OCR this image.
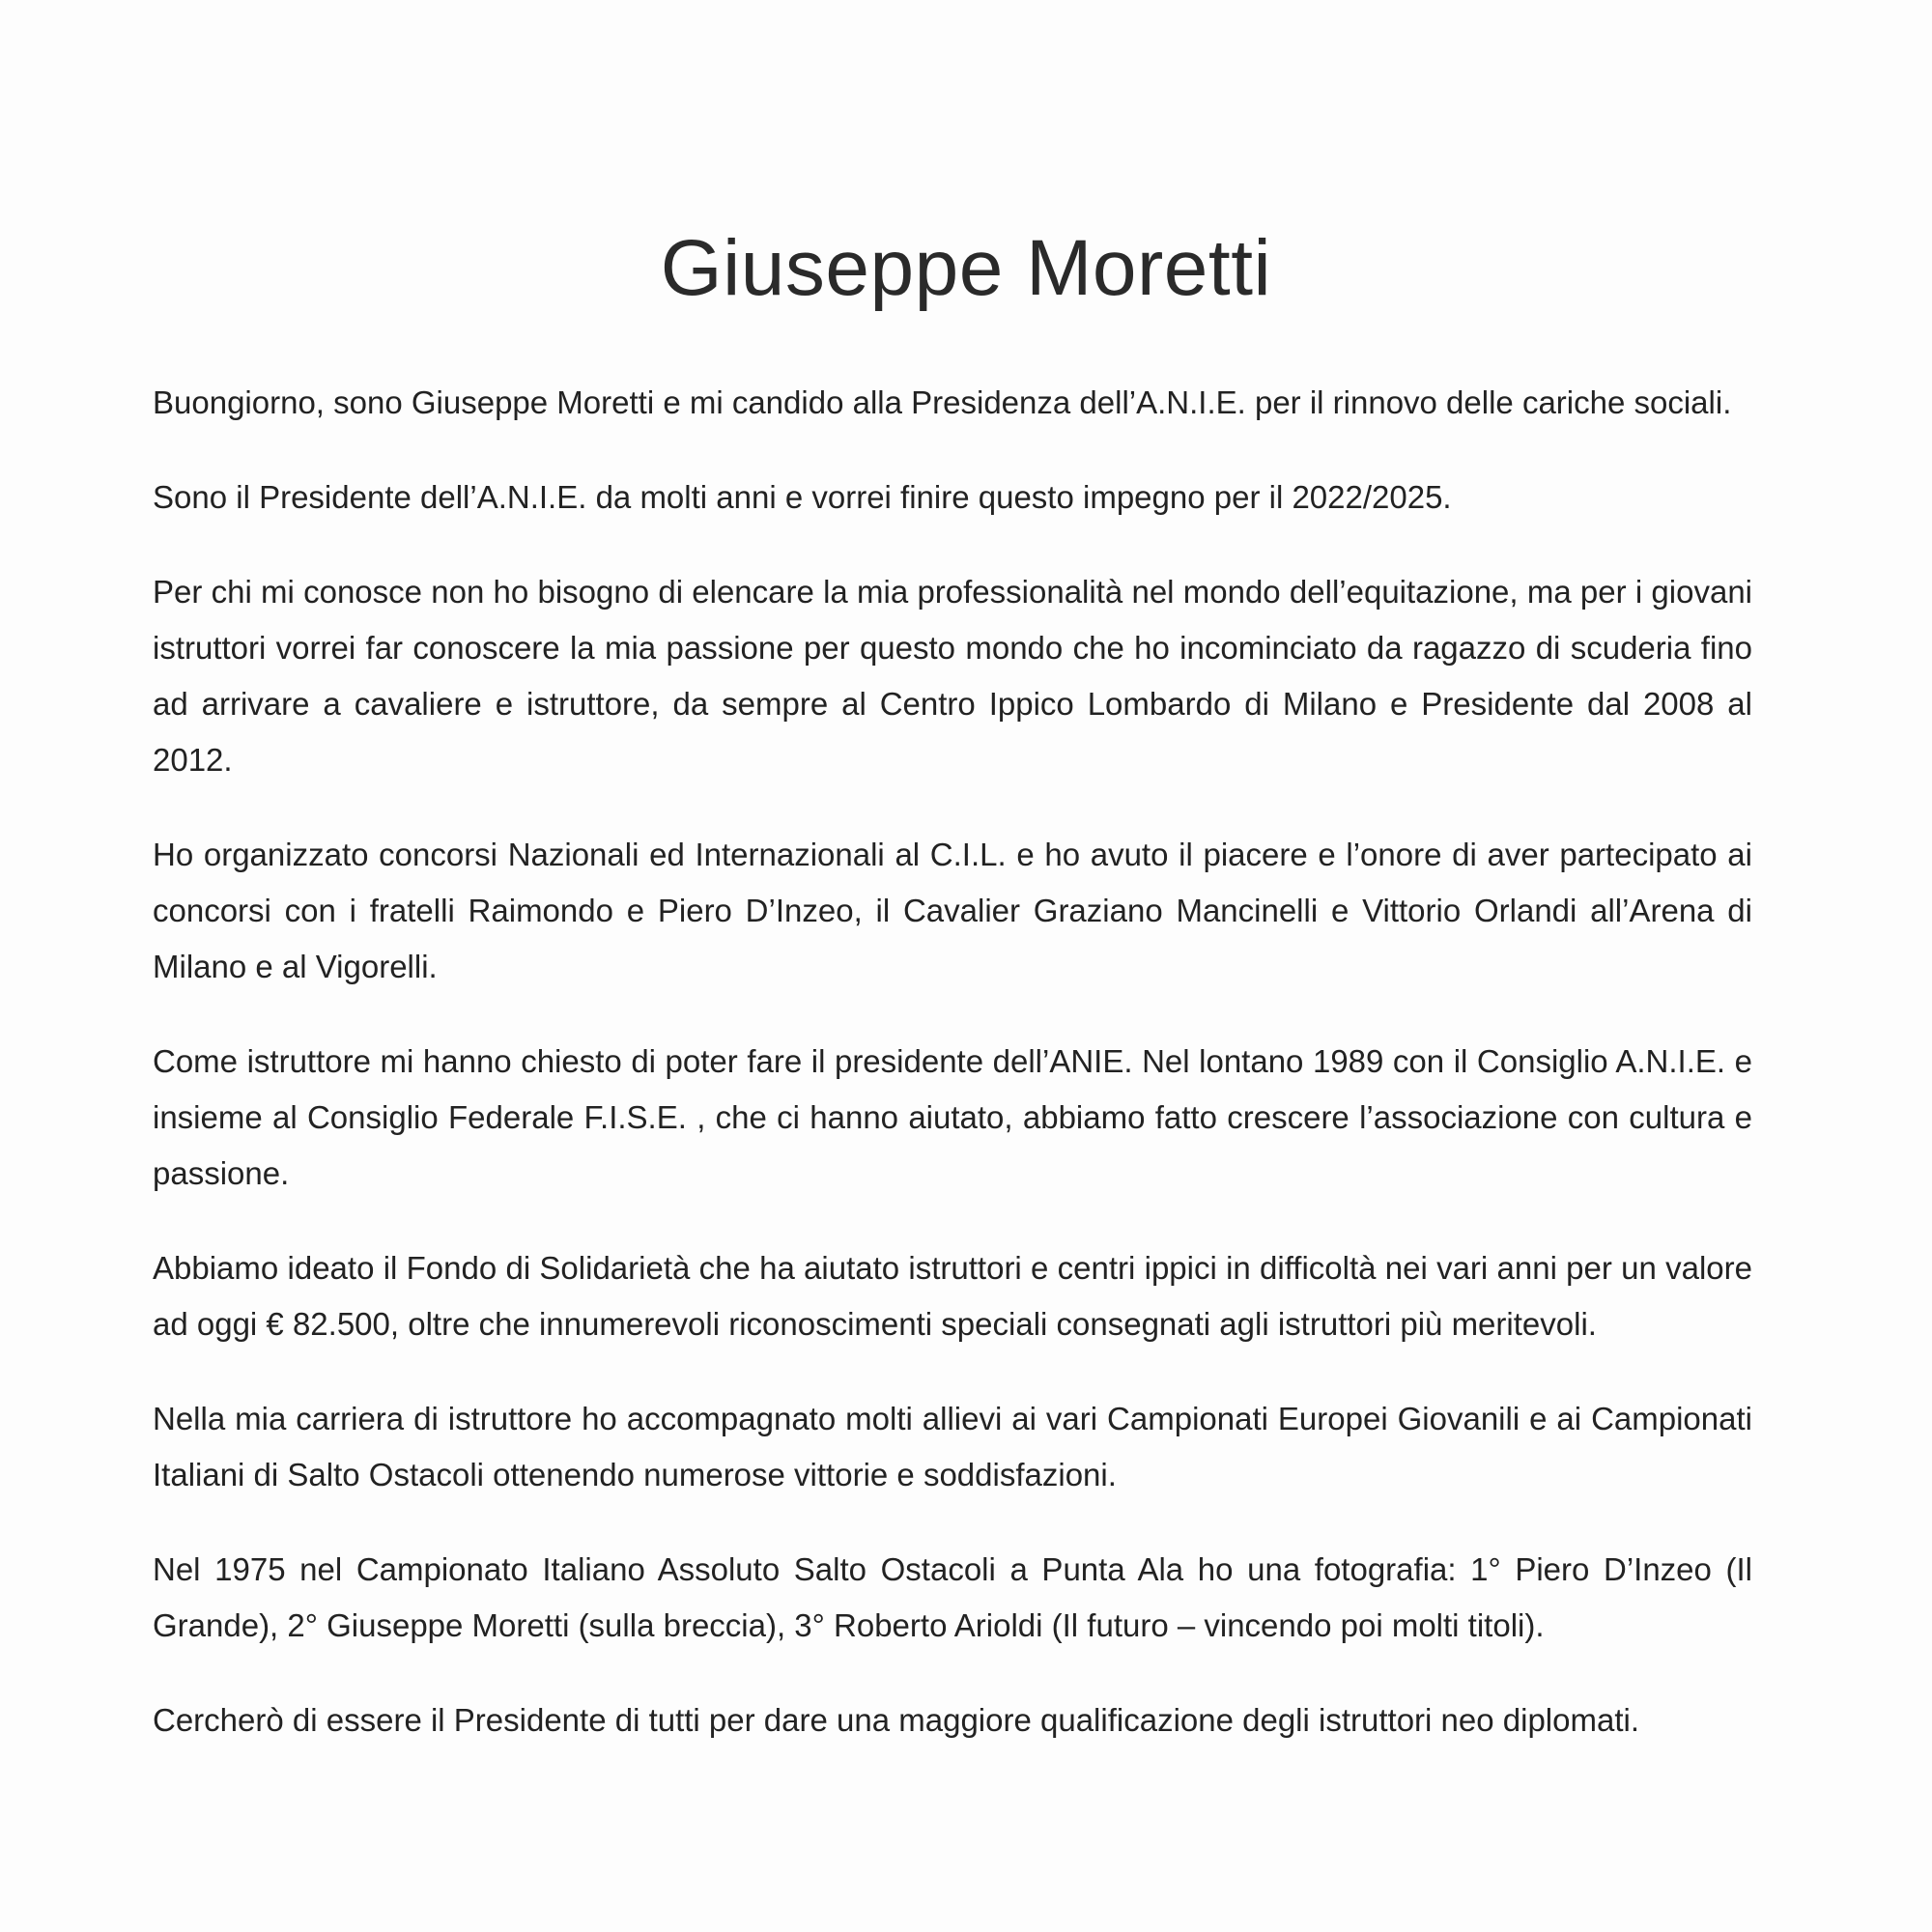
Giuseppe Moretti

Buongiorno, sono Giuseppe Moretti e mi candido alla Presidenza dell’A.N.I.E. per il rinnovo delle cariche sociali.

Sono il Presidente dell’A.N.I.E. da molti anni e vorrei finire questo impegno per il 2022/2025.

Per chi mi conosce non ho bisogno di elencare la mia professionalità nel mondo dell’equitazione, ma per i giovani istruttori vorrei far conoscere la mia passione per questo mondo che ho incominciato da ragazzo di scuderia fino ad arrivare a cavaliere e istruttore, da sempre al Centro Ippico Lombardo di Milano e Presidente dal 2008 al 2012.

Ho organizzato concorsi Nazionali ed Internazionali al C.I.L. e ho avuto il piacere e l’onore di aver partecipato ai concorsi con i fratelli Raimondo e Piero D’Inzeo, il Cavalier Graziano Mancinelli e Vittorio Orlandi all’Arena di Milano e al Vigorelli.

Come istruttore mi hanno chiesto di poter fare il presidente dell’ANIE. Nel lontano 1989 con il Consiglio A.N.I.E. e insieme al Consiglio Federale F.I.S.E. , che ci hanno aiutato, abbiamo fatto crescere l’associazione con cultura e passione.

Abbiamo ideato il Fondo di Solidarietà che ha aiutato istruttori e centri ippici in difficoltà nei vari anni per un valore ad oggi € 82.500, oltre che innumerevoli riconoscimenti speciali consegnati agli istruttori più meritevoli.

Nella mia carriera di istruttore ho accompagnato molti allievi ai vari Campionati Europei Giovanili e ai Campionati Italiani di Salto Ostacoli ottenendo numerose vittorie e soddisfazioni.

Nel 1975 nel Campionato Italiano Assoluto Salto Ostacoli a Punta Ala ho una fotografia: 1° Piero D’Inzeo (Il Grande), 2° Giuseppe Moretti (sulla breccia), 3° Roberto Arioldi (Il futuro – vincendo poi molti titoli).

Cercherò di essere il Presidente di tutti per dare una maggiore qualificazione degli istruttori neo diplomati.
